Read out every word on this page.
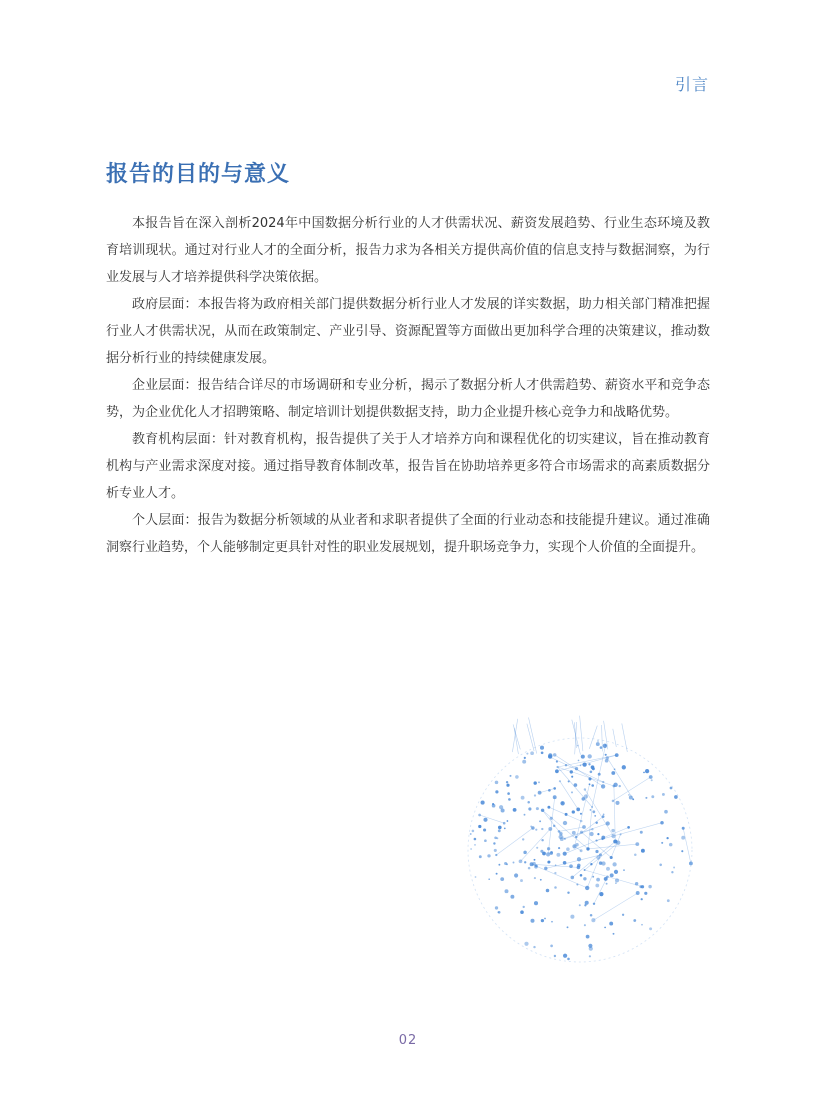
引言
报告的目的与意义

本报告旨在深入剖析2024年中国数据分析行业的人才供需状况、薪资发展趋势、行业生态环境及教育培训现状。通过对行业人才的全面分析，报告力求为各相关方提供高价值的信息支持与数据洞察，为行业发展与人才培养提供科学决策依据。

政府层面：本报告将为政府相关部门提供数据分析行业人才发展的详实数据，助力相关部门精准把握行业人才供需状况，从而在政策制定、产业引导、资源配置等方面做出更加科学合理的决策建议，推动数据分析行业的持续健康发展。

企业层面：报告结合详尽的市场调研和专业分析，揭示了数据分析人才供需趋势、薪资水平和竞争态势，为企业优化人才招聘策略、制定培训计划提供数据支持，助力企业提升核心竞争力和战略优势。

教育机构层面：针对教育机构，报告提供了关于人才培养方向和课程优化的切实建议，旨在推动教育机构与产业需求深度对接。通过指导教育体制改革，报告旨在协助培养更多符合市场需求的高素质数据分析专业人才。

个人层面：报告为数据分析领域的从业者和求职者提供了全面的行业动态和技能提升建议。通过准确洞察行业趋势，个人能够制定更具针对性的职业发展规划，提升职场竞争力，实现个人价值的全面提升。

02
